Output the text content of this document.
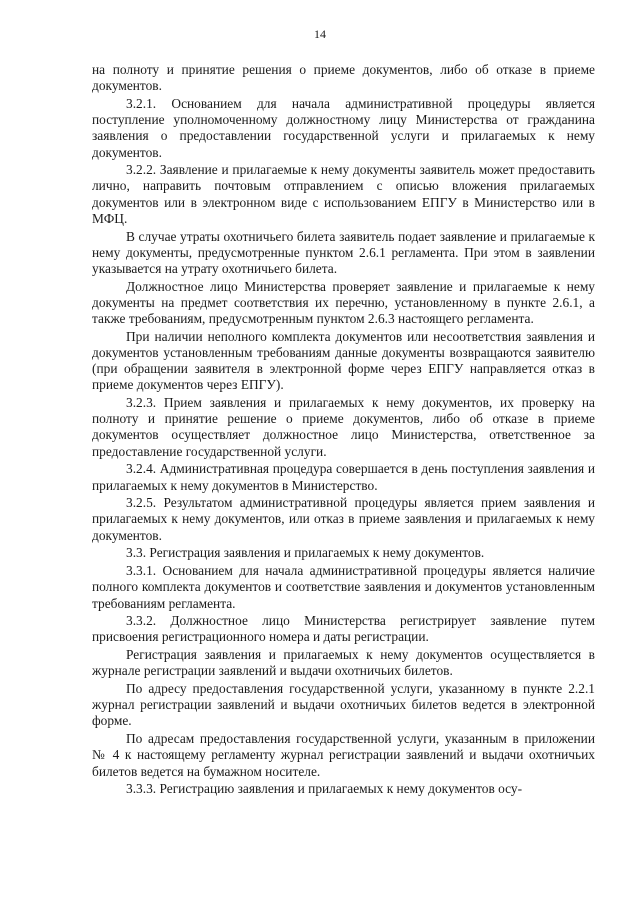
14

на полноту и принятие решения о приеме документов, либо об отказе в приеме документов.

3.2.1. Основанием для начала административной процедуры является поступление уполномоченному должностному лицу Министерства от гражданина заявления о предоставлении государственной услуги и прилагаемых к нему документов.

3.2.2. Заявление и прилагаемые к нему документы заявитель может предоставить лично, направить почтовым отправлением с описью вложения прилагаемых документов или в электронном виде с использованием ЕПГУ в Министерство или в МФЦ.

В случае утраты охотничьего билета заявитель подает заявление и прилагаемые к нему документы, предусмотренные пунктом 2.6.1 регламента. При этом в заявлении указывается на утрату охотничьего билета.

Должностное лицо Министерства проверяет заявление и прилагаемые к нему документы на предмет соответствия их перечню, установленному в пункте 2.6.1, а также требованиям, предусмотренным пунктом 2.6.3 настоящего регламента.

При наличии неполного комплекта документов или несоответствия заявления и документов установленным требованиям данные документы возвращаются заявителю (при обращении заявителя в электронной форме через ЕПГУ направляется отказ в приеме документов через ЕПГУ).

3.2.3. Прием заявления и прилагаемых к нему документов, их проверку на полноту и принятие решение о приеме документов, либо об отказе в приеме документов осуществляет должностное лицо Министерства, ответственное за предоставление государственной услуги.

3.2.4. Административная процедура совершается в день поступления заявления и прилагаемых к нему документов в Министерство.

3.2.5. Результатом административной процедуры является прием заявления и прилагаемых к нему документов, или отказ в приеме заявления и прилагаемых к нему документов.

3.3. Регистрация заявления и прилагаемых к нему документов.

3.3.1. Основанием для начала административной процедуры является наличие полного комплекта документов и соответствие заявления и документов установленным требованиям регламента.

3.3.2. Должностное лицо Министерства регистрирует заявление путем присвоения регистрационного номера и даты регистрации.

Регистрация заявления и прилагаемых к нему документов осуществляется в журнале регистрации заявлений и выдачи охотничьих билетов.

По адресу предоставления государственной услуги, указанному в пункте 2.2.1 журнал регистрации заявлений и выдачи охотничьих билетов ведется в электронной форме.

По адресам предоставления государственной услуги, указанным в приложении № 4 к настоящему регламенту журнал регистрации заявлений и выдачи охотничьих билетов ведется на бумажном носителе.

3.3.3. Регистрацию заявления и прилагаемых к нему документов осу-
